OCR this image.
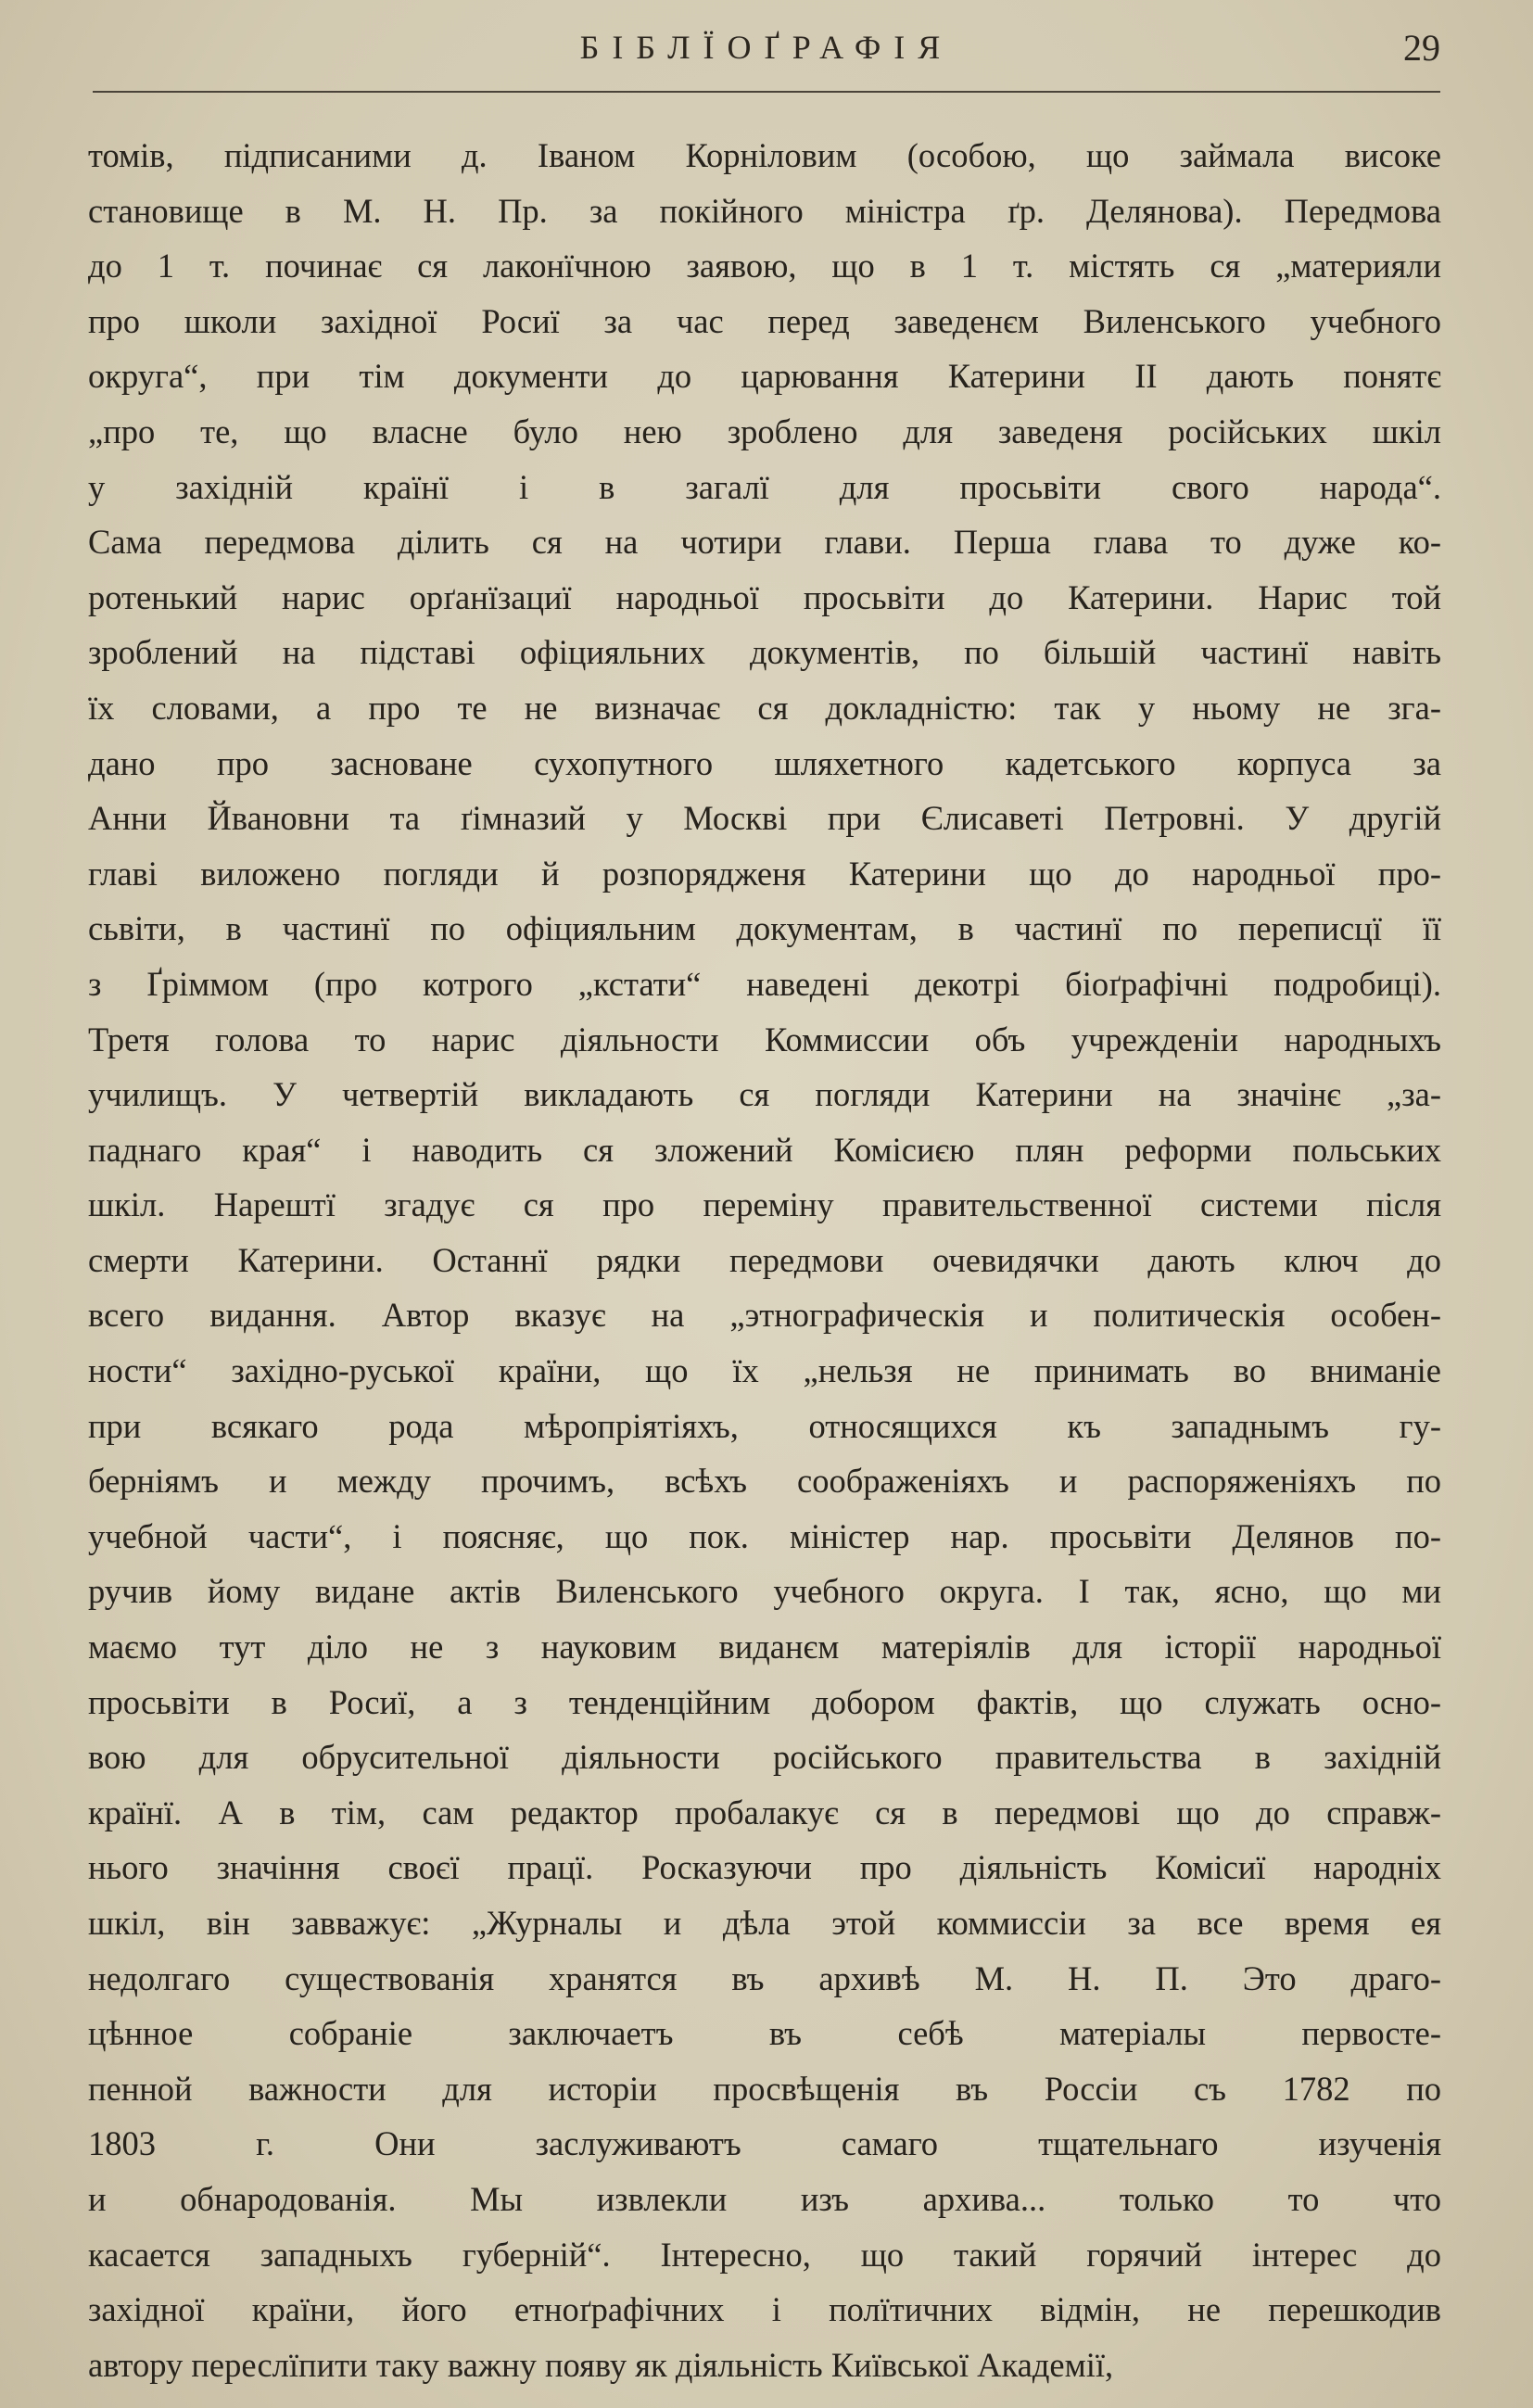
БІБЛЇОҐРАФІЯ	29
томів, підписаними д. Іваном Корніловим (особою, що займала високе
становище в М. Н. Пр. за покійного міністра ґр. Делянова). Передмова
до 1 т. починає ся лаконїчною заявою, що в 1 т. містять ся „материяли
про школи західної Росиї за час перед заведенєм Виленського учебного
округа“, при тім документи до царювання Катерини II дають понятє
„про те, що власне було нею зроблено для заведеня російських шкіл
у західній країнї і в загалї для просьвіти свого народа“.
Сама передмова ділить ся на чотири глави. Перша глава то дуже ко-
ротенький нарис орґанїзациї народньої просьвіти до Катерини. Нарис той
зроблений на підставі офіцияльних документів, по більшій частинї навіть
їх словами, а про те не визначає ся докладністю: так у ньому не зга-
дано про засноване сухопутного шляхетного кадетського корпуса за
Анни Йвановни та ґімназий у Москві при Єлисаветі Петровні. У другій
главі виложено погляди й розпорядженя Катерини що до народньої про-
сьвіти, в частинї по офіцияльним документам, в частинї по переписцї її
з Ґріммом (про котрого „кстати“ наведені декотрі біоґрафічні подробиці).
Третя голова то нарис діяльности Коммиссии объ учрежденіи народныхъ
училищъ. У четвертій викладають ся погляди Катерини на значінє „за-
паднаго края“ і наводить ся зложений Комісиєю плян реформи польських
шкіл. Нарештї згадує ся про переміну правительственної системи після
смерти Катерини. Останнї рядки передмови очевидячки дають ключ до
всего видання. Автор вказує на „этнографическія и политическія особен-
ности“ західно-руської країни, що їх „нельзя не принимать во вниманіе
при всякаго рода мѣропріятіяхъ, относящихся къ западнымъ гу-
берніямъ и между прочимъ, всѣхъ соображеніяхъ и распоряженіяхъ по
учебной части“, і поясняє, що пок. міністер нар. просьвіти Делянов по-
ручив йому видане актів Виленського учебного округа. І так, ясно, що ми
маємо тут діло не з науковим виданєм матеріялів для історії народньої
просьвіти в Росиї, а з тенденційним добором фактів, що служать осно-
вою для обрусительної діяльности російського правительства в західній
країнї. А в тім, сам редактор пробалакує ся в передмові що до справж-
нього значіння своєї працї. Росказуючи про діяльність Комісиї народніх
шкіл, він завважує: „Журналы и дѣла этой коммиссіи за все время ея
недолгаго существованія хранятся въ архивѣ М. Н. П. Это драго-
цѣнное собраніе заключаетъ въ себѣ матеріалы первосте-
пенной важности для исторіи просвѣщенія въ Россіи съ 1782 по
1803 г. Они заслуживаютъ самаго тщательнаго изученія
и обнародованія. Мы извлекли изъ архива... только то что
касается западныхъ губерній“. Інтересно, що такий горячий інтерес до
західної країни, його етноґрафічних і полїтичних відмін, не перешкодив
автору переслїпити таку важну появу як діяльність Київської Академії,
